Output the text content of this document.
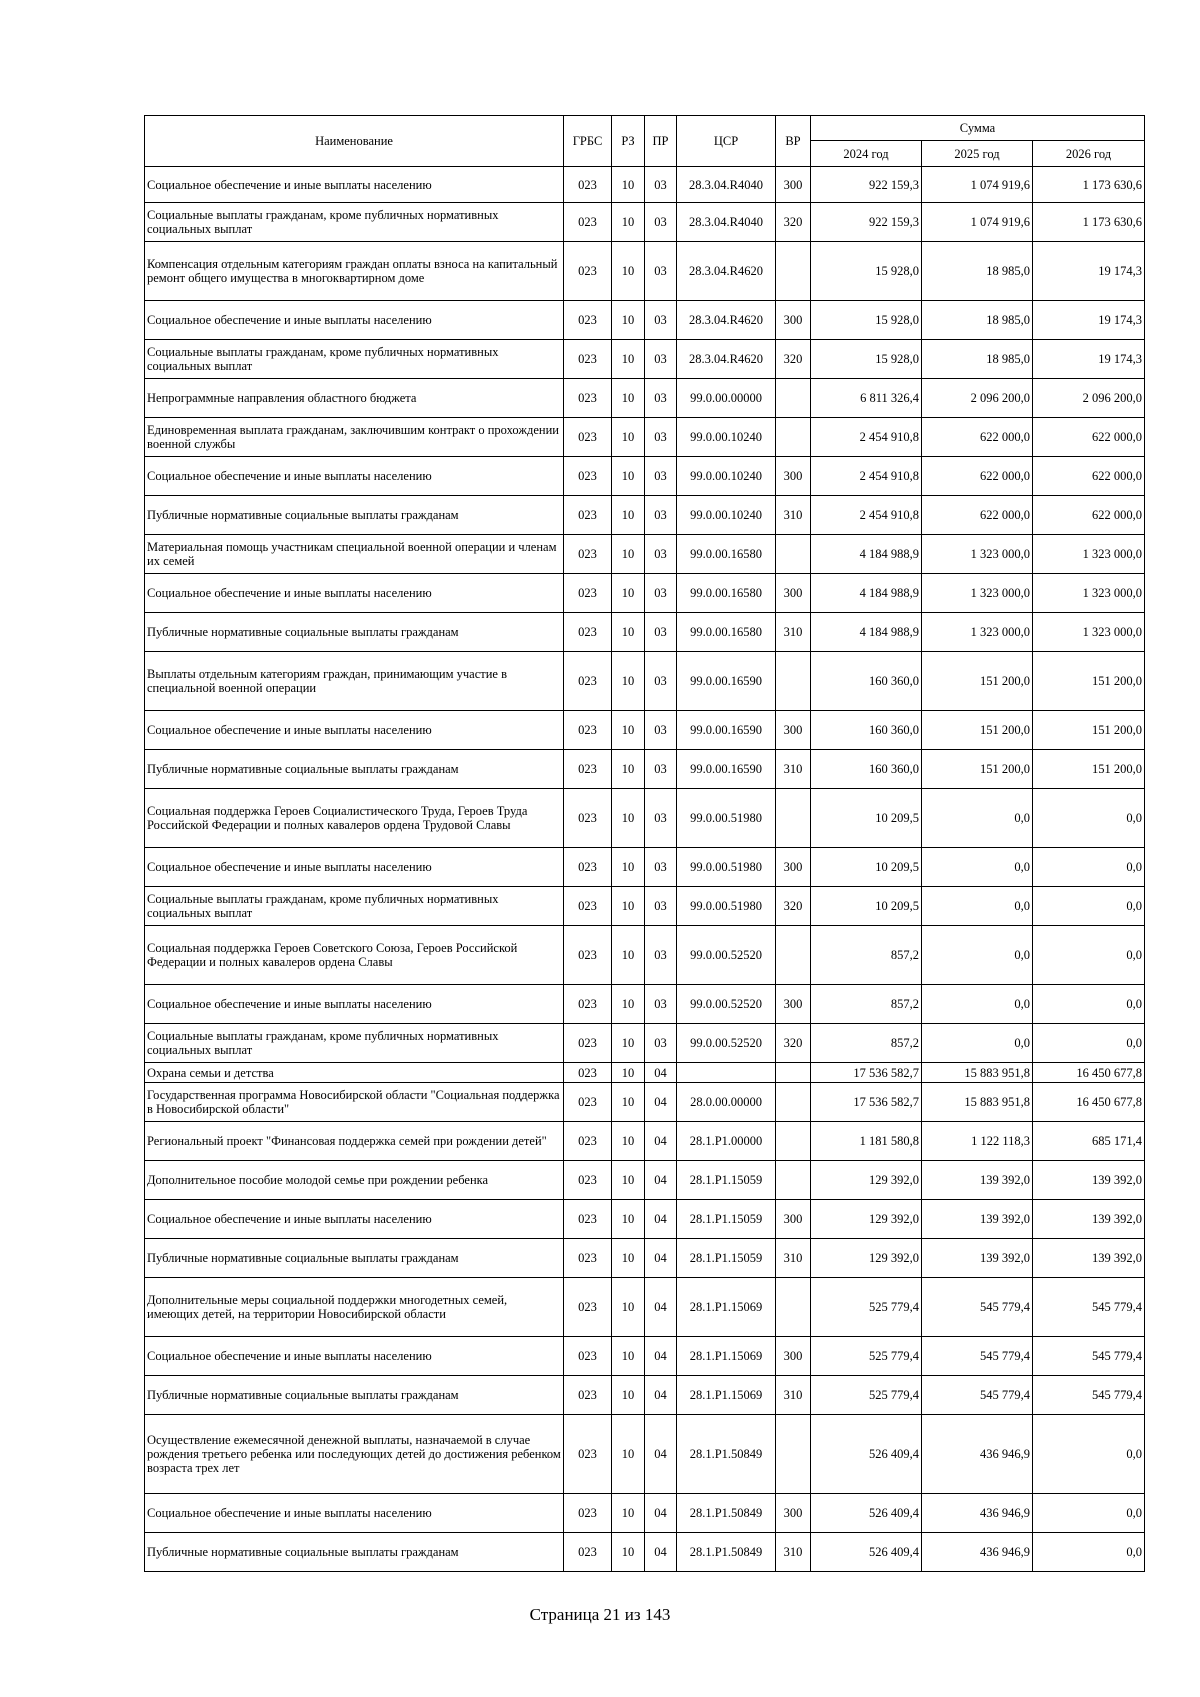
Наименование	ГРБС	РЗ	ПР	ЦСР	ВР	Сумма		
						2024 год	2025 год	2026 год
Социальное обеспечение и иные выплаты населению	023	10	03	28.3.04.R4040	300	922 159,3	1 074 919,6	1 173 630,6
Социальные выплаты гражданам, кроме публичных нормативных социальных выплат	023	10	03	28.3.04.R4040	320	922 159,3	1 074 919,6	1 173 630,6
Компенсация отдельным категориям граждан оплаты взноса на капитальный ремонт общего имущества в многоквартирном доме	023	10	03	28.3.04.R4620		15 928,0	18 985,0	19 174,3
Социальное обеспечение и иные выплаты населению	023	10	03	28.3.04.R4620	300	15 928,0	18 985,0	19 174,3
Социальные выплаты гражданам, кроме публичных нормативных социальных выплат	023	10	03	28.3.04.R4620	320	15 928,0	18 985,0	19 174,3
Непрограммные направления областного бюджета	023	10	03	99.0.00.00000		6 811 326,4	2 096 200,0	2 096 200,0
Единовременная выплата гражданам, заключившим контракт о прохождении военной службы	023	10	03	99.0.00.10240		2 454 910,8	622 000,0	622 000,0
Социальное обеспечение и иные выплаты населению	023	10	03	99.0.00.10240	300	2 454 910,8	622 000,0	622 000,0
Публичные нормативные социальные выплаты гражданам	023	10	03	99.0.00.10240	310	2 454 910,8	622 000,0	622 000,0
Материальная помощь участникам специальной военной операции и членам их семей	023	10	03	99.0.00.16580		4 184 988,9	1 323 000,0	1 323 000,0
Социальное обеспечение и иные выплаты населению	023	10	03	99.0.00.16580	300	4 184 988,9	1 323 000,0	1 323 000,0
Публичные нормативные социальные выплаты гражданам	023	10	03	99.0.00.16580	310	4 184 988,9	1 323 000,0	1 323 000,0
Выплаты отдельным категориям граждан, принимающим участие в специальной военной операции	023	10	03	99.0.00.16590		160 360,0	151 200,0	151 200,0
Социальное обеспечение и иные выплаты населению	023	10	03	99.0.00.16590	300	160 360,0	151 200,0	151 200,0
Публичные нормативные социальные выплаты гражданам	023	10	03	99.0.00.16590	310	160 360,0	151 200,0	151 200,0
Социальная поддержка Героев Социалистического Труда, Героев Труда Российской Федерации и полных кавалеров ордена Трудовой Славы	023	10	03	99.0.00.51980		10 209,5	0,0	0,0
Социальное обеспечение и иные выплаты населению	023	10	03	99.0.00.51980	300	10 209,5	0,0	0,0
Социальные выплаты гражданам, кроме публичных нормативных социальных выплат	023	10	03	99.0.00.51980	320	10 209,5	0,0	0,0
Социальная поддержка Героев Советского Союза, Героев Российской Федерации и полных кавалеров ордена Славы	023	10	03	99.0.00.52520		857,2	0,0	0,0
Социальное обеспечение и иные выплаты населению	023	10	03	99.0.00.52520	300	857,2	0,0	0,0
Социальные выплаты гражданам, кроме публичных нормативных социальных выплат	023	10	03	99.0.00.52520	320	857,2	0,0	0,0
Охрана семьи и детства	023	10	04			17 536 582,7	15 883 951,8	16 450 677,8
Государственная программа Новосибирской области "Социальная поддержка в Новосибирской области"	023	10	04	28.0.00.00000		17 536 582,7	15 883 951,8	16 450 677,8
Региональный проект "Финансовая поддержка семей при рождении детей"	023	10	04	28.1.P1.00000		1 181 580,8	1 122 118,3	685 171,4
Дополнительное пособие молодой семье при рождении ребенка	023	10	04	28.1.P1.15059		129 392,0	139 392,0	139 392,0
Социальное обеспечение и иные выплаты населению	023	10	04	28.1.P1.15059	300	129 392,0	139 392,0	139 392,0
Публичные нормативные социальные выплаты гражданам	023	10	04	28.1.P1.15059	310	129 392,0	139 392,0	139 392,0
Дополнительные меры социальной поддержки многодетных семей, имеющих детей, на территории Новосибирской области	023	10	04	28.1.P1.15069		525 779,4	545 779,4	545 779,4
Социальное обеспечение и иные выплаты населению	023	10	04	28.1.P1.15069	300	525 779,4	545 779,4	545 779,4
Публичные нормативные социальные выплаты гражданам	023	10	04	28.1.P1.15069	310	525 779,4	545 779,4	545 779,4
Осуществление ежемесячной денежной выплаты, назначаемой в случае рождения третьего ребенка или последующих детей до достижения ребенком возраста трех лет	023	10	04	28.1.P1.50849		526 409,4	436 946,9	0,0
Социальное обеспечение и иные выплаты населению	023	10	04	28.1.P1.50849	300	526 409,4	436 946,9	0,0
Публичные нормативные социальные выплаты гражданам	023	10	04	28.1.P1.50849	310	526 409,4	436 946,9	0,0
Страница 21 из 143
